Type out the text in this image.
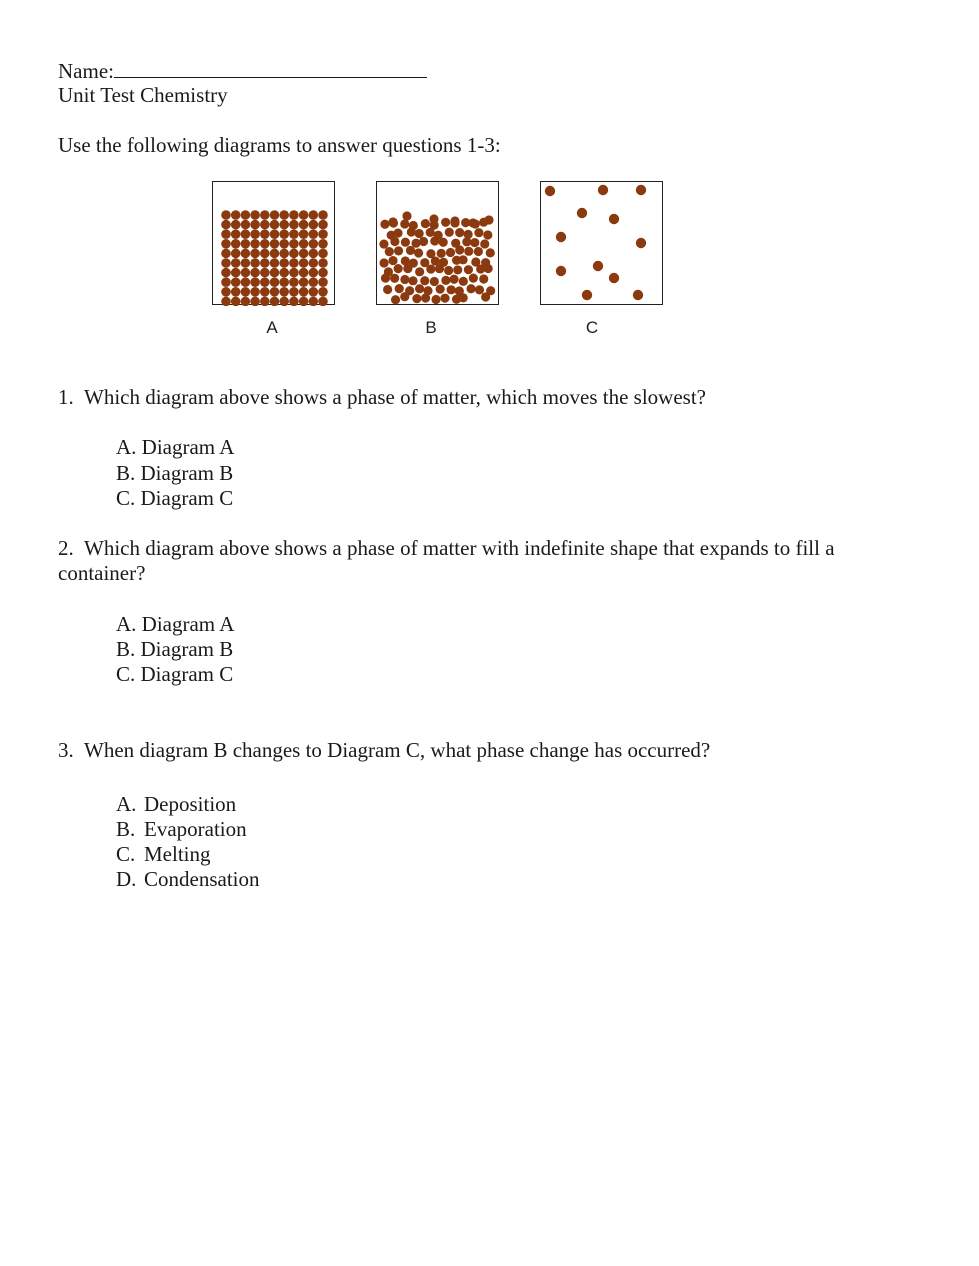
Name:
Unit Test Chemistry
Use the following diagrams to answer questions 1-3:
A	B	C
1. Which diagram above shows a phase of matter, which moves the slowest?
A. Diagram A
B. Diagram B
C. Diagram C
2. Which diagram above shows a phase of matter with indefinite shape that expands to fill a container?
A. Diagram A
B. Diagram B
C. Diagram C
3. When diagram B changes to Diagram C, what phase change has occurred?
A. Deposition
B. Evaporation
C. Melting
D. Condensation
